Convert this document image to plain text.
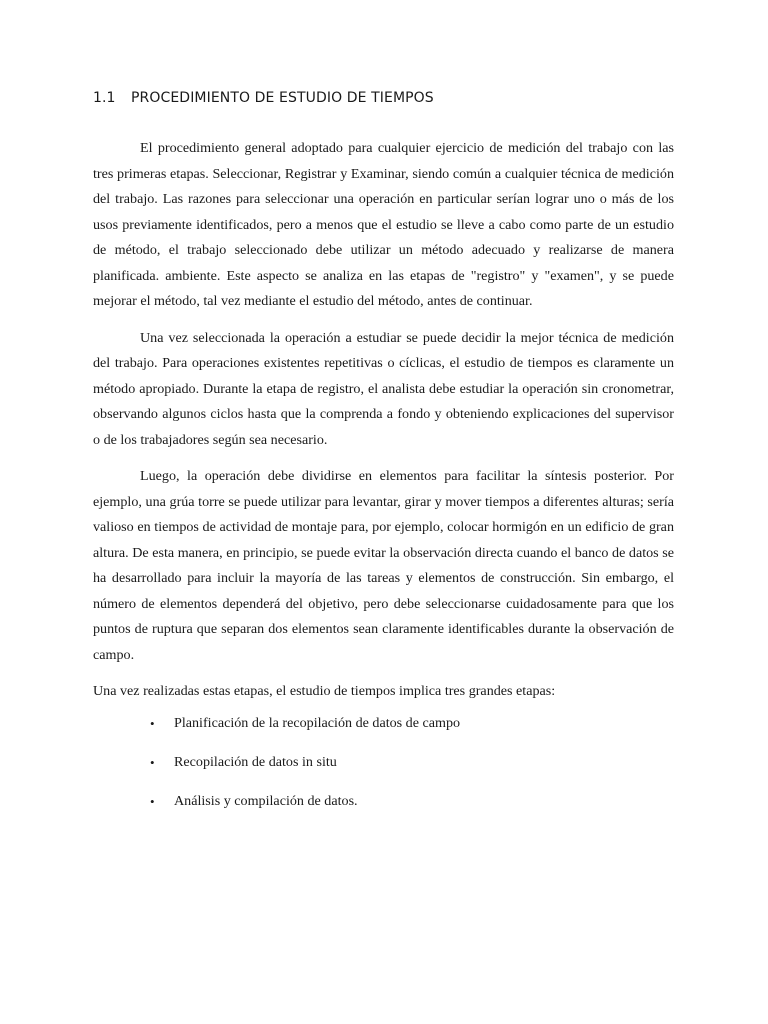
1.1 PROCEDIMIENTO DE ESTUDIO DE TIEMPOS

El procedimiento general adoptado para cualquier ejercicio de medición del trabajo con las tres primeras etapas. Seleccionar, Registrar y Examinar, siendo común a cualquier técnica de medición del trabajo. Las razones para seleccionar una operación en particular serían lograr uno o más de los usos previamente identificados, pero a menos que el estudio se lleve a cabo como parte de un estudio de método, el trabajo seleccionado debe utilizar un método adecuado y realizarse de manera planificada. ambiente. Este aspecto se analiza en las etapas de "registro" y "examen", y se puede mejorar el método, tal vez mediante el estudio del método, antes de continuar.

Una vez seleccionada la operación a estudiar se puede decidir la mejor técnica de medición del trabajo. Para operaciones existentes repetitivas o cíclicas, el estudio de tiempos es claramente un método apropiado. Durante la etapa de registro, el analista debe estudiar la operación sin cronometrar, observando algunos ciclos hasta que la comprenda a fondo y obteniendo explicaciones del supervisor o de los trabajadores según sea necesario.

Luego, la operación debe dividirse en elementos para facilitar la síntesis posterior. Por ejemplo, una grúa torre se puede utilizar para levantar, girar y mover tiempos a diferentes alturas; sería valioso en tiempos de actividad de montaje para, por ejemplo, colocar hormigón en un edificio de gran altura. De esta manera, en principio, se puede evitar la observación directa cuando el banco de datos se ha desarrollado para incluir la mayoría de las tareas y elementos de construcción. Sin embargo, el número de elementos dependerá del objetivo, pero debe seleccionarse cuidadosamente para que los puntos de ruptura que separan dos elementos sean claramente identificables durante la observación de campo.

Una vez realizadas estas etapas, el estudio de tiempos implica tres grandes etapas:

• Planificación de la recopilación de datos de campo
• Recopilación de datos in situ
• Análisis y compilación de datos.
